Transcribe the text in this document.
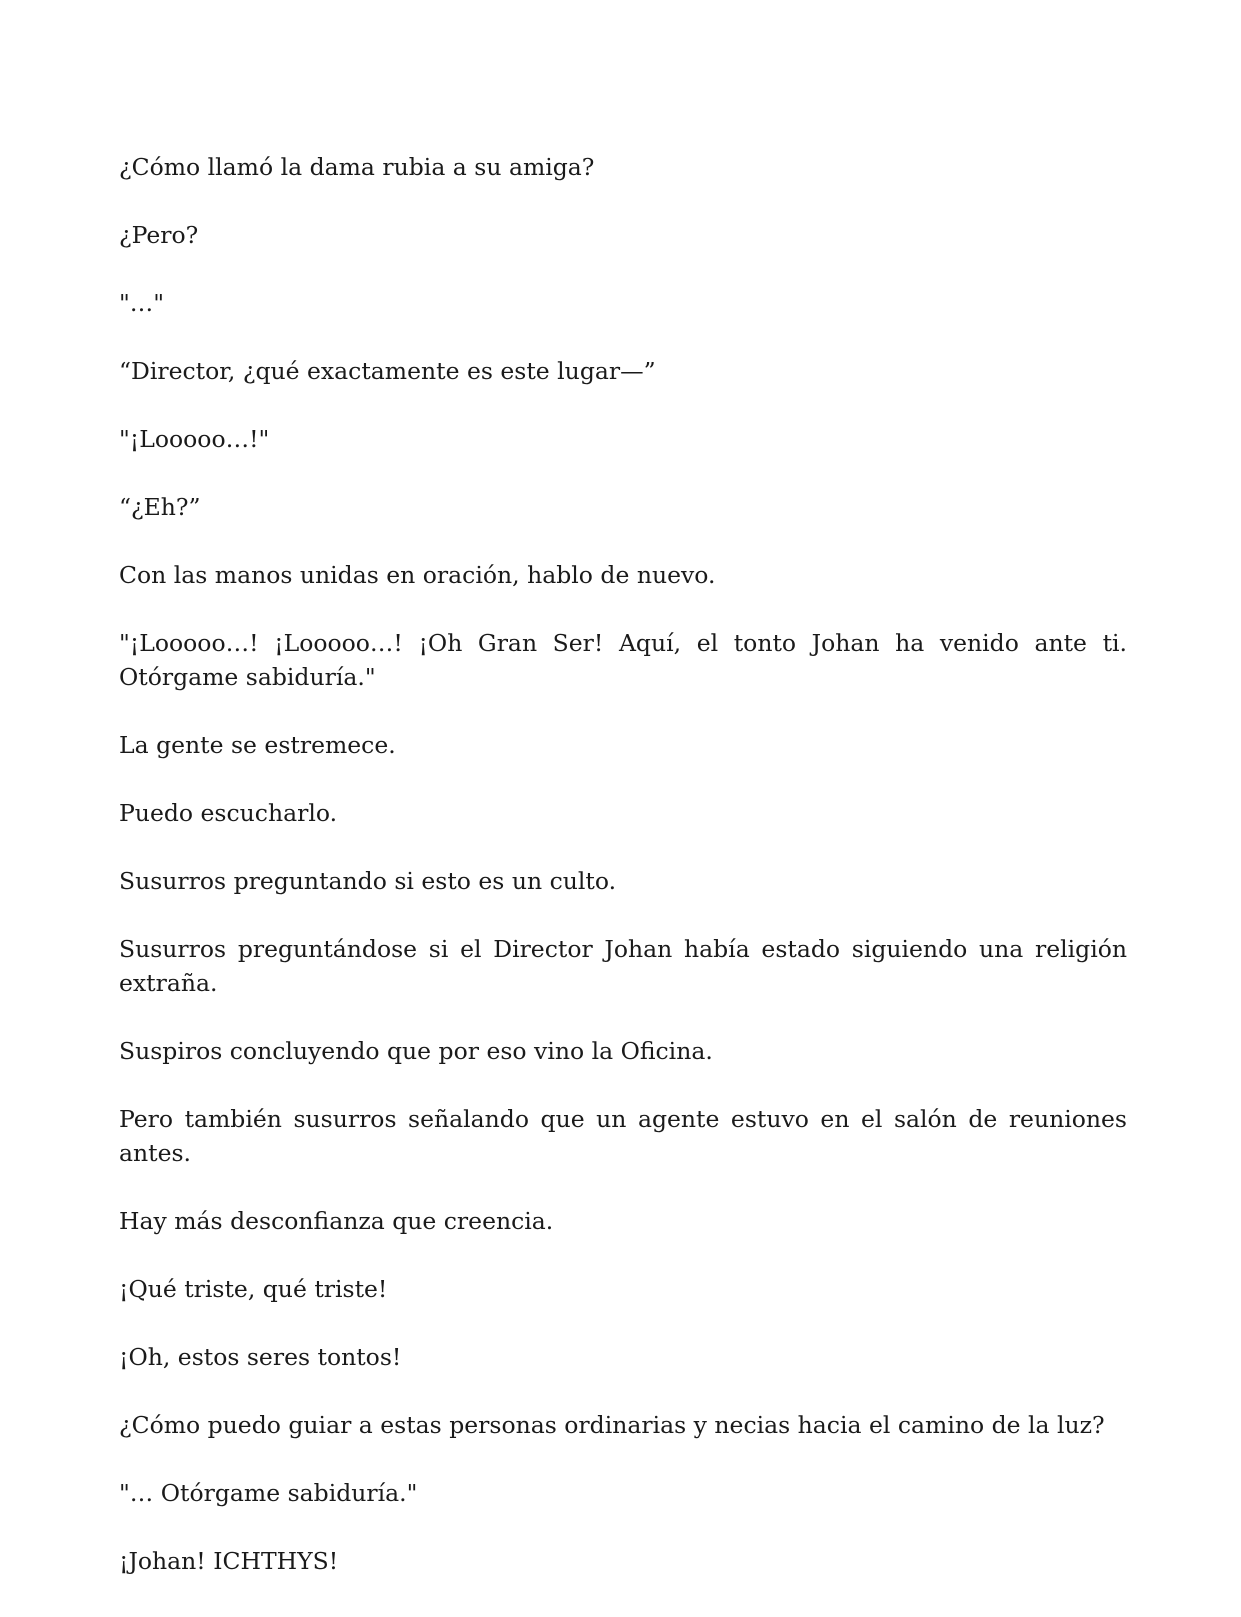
¿Cómo llamó la dama rubia a su amiga?

¿Pero?

"…"

“Director, ¿qué exactamente es este lugar—”

"¡Looooo…!"

“¿Eh?”

Con las manos unidas en oración, hablo de nuevo.

"¡Looooo…! ¡Looooo…! ¡Oh Gran Ser! Aquí, el tonto Johan ha venido ante ti. Otórgame sabiduría."

La gente se estremece.

Puedo escucharlo.

Susurros preguntando si esto es un culto.

Susurros preguntándose si el Director Johan había estado siguiendo una religión extraña.

Suspiros concluyendo que por eso vino la Oficina.

Pero también susurros señalando que un agente estuvo en el salón de reuniones antes.

Hay más desconfianza que creencia.

¡Qué triste, qué triste!

¡Oh, estos seres tontos!

¿Cómo puedo guiar a estas personas ordinarias y necias hacia el camino de la luz?

"… Otórgame sabiduría."

¡Johan! ICHTHYS!
